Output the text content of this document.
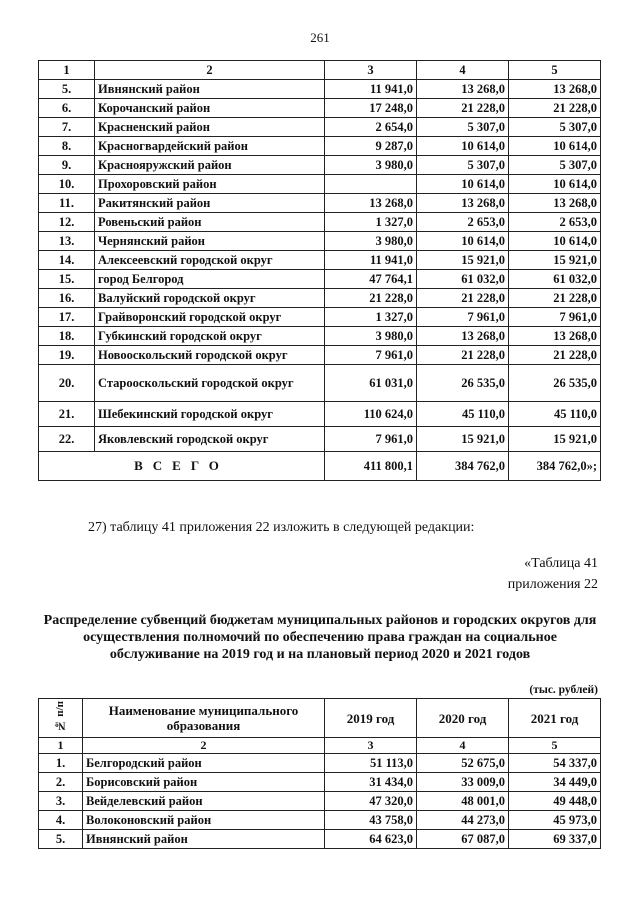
261
1	2	3	4	5
5.	Ивнянский район	11 941,0	13 268,0	13 268,0
6.	Корочанский район	17 248,0	21 228,0	21 228,0
7.	Красненский район	2 654,0	5 307,0	5 307,0
8.	Красногвардейский район	9 287,0	10 614,0	10 614,0
9.	Краснояружский район	3 980,0	5 307,0	5 307,0
10.	Прохоровский район		10 614,0	10 614,0
11.	Ракитянский район	13 268,0	13 268,0	13 268,0
12.	Ровеньский район	1 327,0	2 653,0	2 653,0
13.	Чернянский район	3 980,0	10 614,0	10 614,0
14.	Алексеевский городской округ	11 941,0	15 921,0	15 921,0
15.	город Белгород	47 764,1	61 032,0	61 032,0
16.	Валуйский городской округ	21 228,0	21 228,0	21 228,0
17.	Грайворонский городской округ	1 327,0	7 961,0	7 961,0
18.	Губкинский городской округ	3 980,0	13 268,0	13 268,0
19.	Новооскольский городской округ	7 961,0	21 228,0	21 228,0
20.	Старооскольский городской округ	61 031,0	26 535,0	26 535,0
21.	Шебекинский городской округ	110 624,0	45 110,0	45 110,0
22.	Яковлевский городской округ	7 961,0	15 921,0	15 921,0
ВСЕГО		411 800,1	384 762,0	384 762,0»;
27) таблицу 41 приложения 22 изложить в следующей редакции:
«Таблица 41
приложения 22
Распределение субвенций бюджетам муниципальных районов и городских округов для осуществления полномочий по обеспечению права граждан на социальное обслуживание на 2019 год и на плановый период 2020 и 2021 годов
(тыс. рублей)
№ п/п	Наименование муниципального образования	2019 год	2020 год	2021 год
1	2	3	4	5
1.	Белгородский район	51 113,0	52 675,0	54 337,0
2.	Борисовский район	31 434,0	33 009,0	34 449,0
3.	Вейделевский район	47 320,0	48 001,0	49 448,0
4.	Волоконовский район	43 758,0	44 273,0	45 973,0
5.	Ивнянский район	64 623,0	67 087,0	69 337,0
